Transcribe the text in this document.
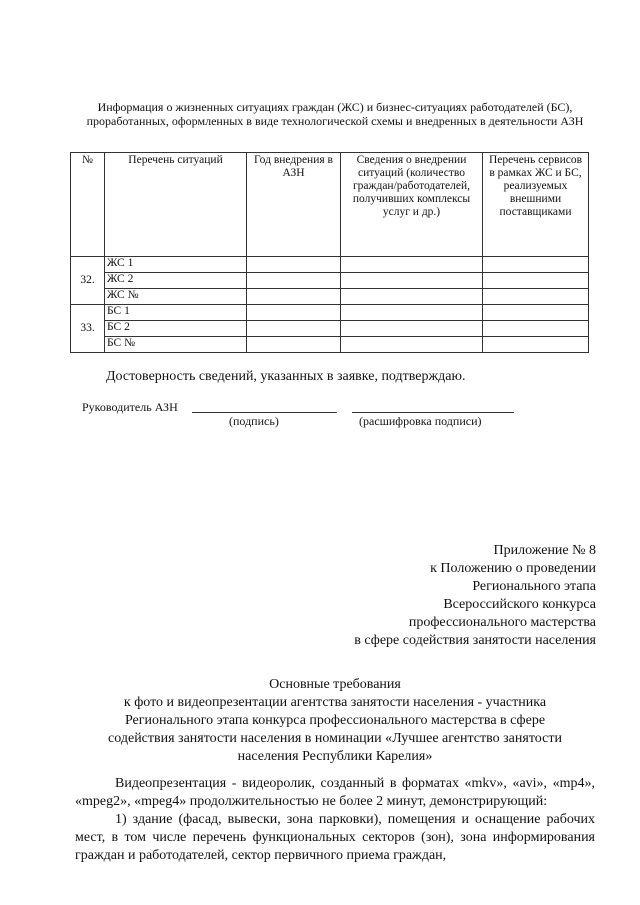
Информация о жизненных ситуациях граждан (ЖС) и бизнес-ситуациях работодателей (БС), проработанных, оформленных в виде технологической схемы и внедренных в деятельности АЗН
№	Перечень ситуаций	Год внедрения в АЗН	Сведения о внедрении ситуаций (количество граждан/работодателей, получивших комплексы услуг и др.)	Перечень сервисов в рамках ЖС и БС, реализуемых внешними поставщиками
32.	ЖС 1			
	ЖС 2			
	ЖС №			
33.	БС 1			
	БС 2			
	БС №			
Достоверность сведений, указанных в заявке, подтверждаю.
Руководитель АЗН
(подпись)	(расшифровка подписи)
Приложение № 8
к Положению о проведении
Регионального этапа
Всероссийского конкурса
профессионального мастерства
в сфере содействия занятости населения
Основные требования
к фото и видеопрезентации агентства занятости населения - участника
Регионального этапа конкурса профессионального мастерства в сфере
содействия занятости населения в номинации «Лучшее агентство занятости
населения Республики Карелия»

Видеопрезентация - видеоролик, созданный в форматах «mkv», «avi», «mp4», «mpeg2», «mpeg4» продолжительностью не более 2 минут, демонстрирующий:

1) здание (фасад, вывески, зона парковки), помещения и оснащение рабочих мест, в том числе перечень функциональных секторов (зон), зона информирования граждан и работодателей, сектор первичного приема граждан,
